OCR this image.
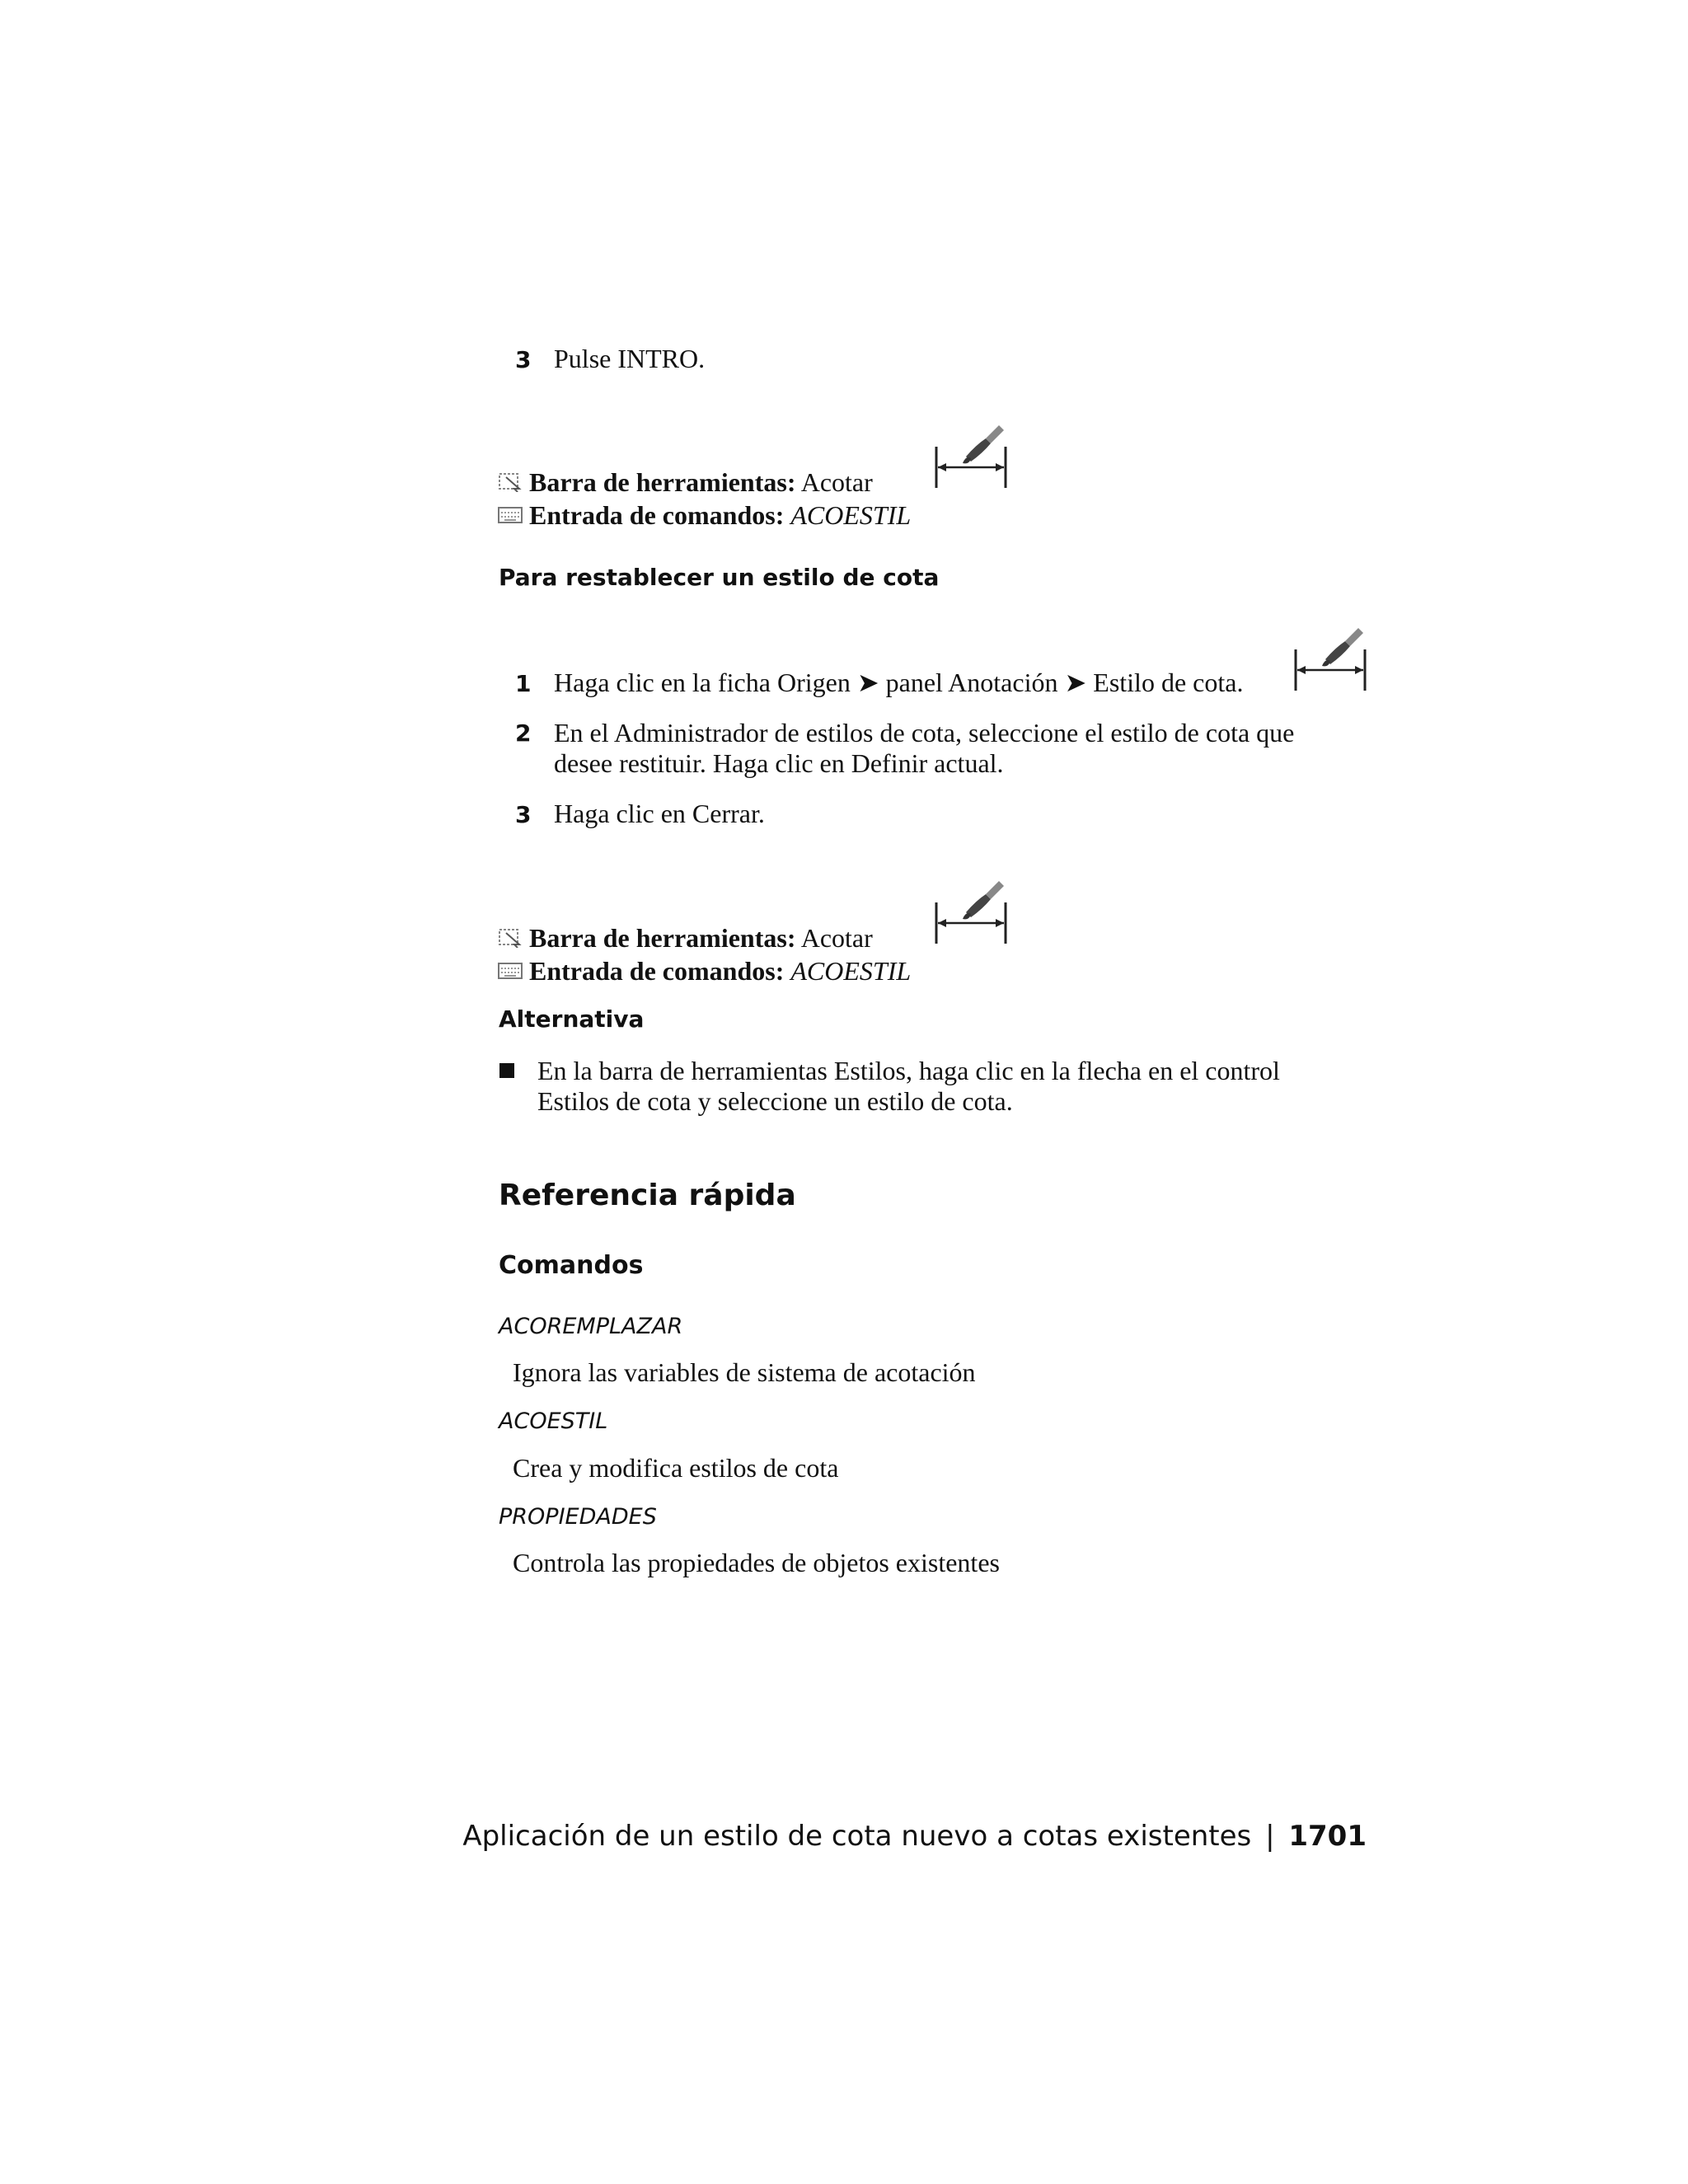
3 Pulse INTRO.
Barra de herramientas: Acotar
Entrada de comandos: ACOESTIL
Para restablecer un estilo de cota
1 Haga clic en la ficha Origen ➤ panel Anotación ➤ Estilo de cota.
2 En el Administrador de estilos de cota, seleccione el estilo de cota que
desee restituir. Haga clic en Definir actual.
3 Haga clic en Cerrar.
Barra de herramientas: Acotar
Entrada de comandos: ACOESTIL
Alternativa
En la barra de herramientas Estilos, haga clic en la flecha en el control
Estilos de cota y seleccione un estilo de cota.
Referencia rápida
Comandos
ACOREMPLAZAR
Ignora las variables de sistema de acotación
ACOESTIL
Crea y modifica estilos de cota
PROPIEDADES
Controla las propiedades de objetos existentes
Aplicación de un estilo de cota nuevo a cotas existentes | 1701
